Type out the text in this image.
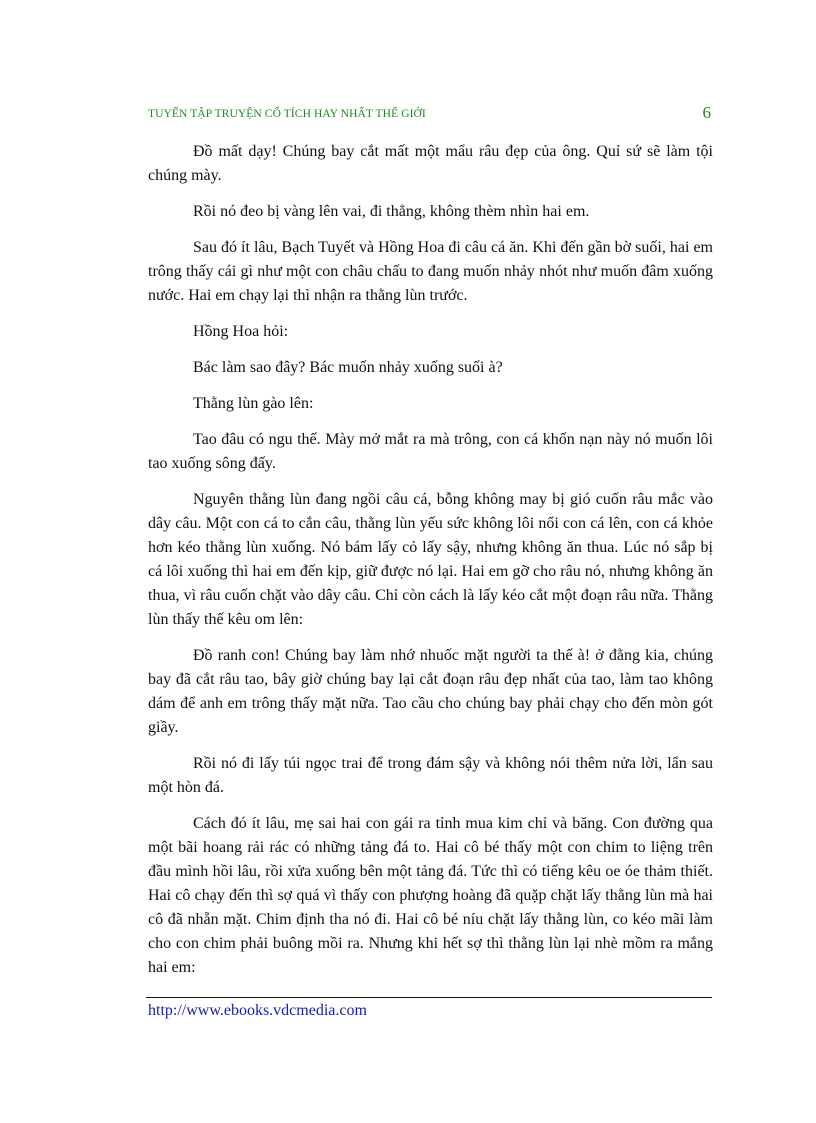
TUYỂN TẬP TRUYỆN CỔ TÍCH HAY NHẤT THẾ GIỚI	6

Đồ mất dạy! Chúng bay cắt mất một mẩu râu đẹp của ông. Quỉ sứ sẽ làm tội chúng mày.

Rồi nó đeo bị vàng lên vai, đi thẳng, không thèm nhìn hai em.

Sau đó ít lâu, Bạch Tuyết và Hồng Hoa đi câu cá ăn. Khi đến gần bờ suối, hai em trông thấy cái gì như một con châu chấu to đang muốn nhảy nhót như muốn đâm xuống nước. Hai em chạy lại thì nhận ra thằng lùn trước.

Hồng Hoa hỏi:

Bác làm sao đây? Bác muốn nhảy xuống suối à?

Thằng lùn gào lên:

Tao đâu có ngu thế. Mày mở mắt ra mà trông, con cá khốn nạn này nó muốn lôi tao xuống sông đấy.

Nguyên thằng lùn đang ngồi câu cá, bỗng không may bị gió cuốn râu mắc vào dây câu. Một con cá to cắn câu, thằng lùn yếu sức không lôi nổi con cá lên, con cá khỏe hơn kéo thằng lùn xuống. Nó bám lấy cỏ lấy sậy, nhưng không ăn thua. Lúc nó sắp bị cá lôi xuống thì hai em đến kịp, giữ được nó lại. Hai em gỡ cho râu nó, nhưng không ăn thua, vì râu cuốn chặt vào dây câu. Chỉ còn cách là lấy kéo cắt một đoạn râu nữa. Thằng lùn thấy thế kêu om lên:

Đồ ranh con! Chúng bay làm nhớ nhuốc mặt người ta thế à! ở đằng kia, chúng bay đã cắt râu tao, bây giờ chúng bay lại cắt đoạn râu đẹp nhất của tao, làm tao không dám để anh em trông thấy mặt nữa. Tao cầu cho chúng bay phải chạy cho đến mòn gót giầy.

Rồi nó đi lấy túi ngọc trai để trong đám sậy và không nói thêm nửa lời, lẩn sau một hòn đá.

Cách đó ít lâu, mẹ sai hai con gái ra tỉnh mua kim chỉ và băng. Con đường qua một bãi hoang rải rác có những tảng đá to. Hai cô bé thấy một con chim to liệng trên đầu mình hồi lâu, rồi xửa xuống bên một tảng đá. Tức thì có tiếng kêu oe óe thảm thiết. Hai cô chạy đến thì sợ quá vì thấy con phượng hoàng đã quặp chặt lấy thằng lùn mà hai cô đã nhẵn mặt. Chim định tha nó đi. Hai cô bé níu chặt lấy thằng lùn, co kéo mãi làm cho con chim phải buông mồi ra. Nhưng khi hết sợ thì thằng lùn lại nhè mồm ra mắng hai em:

http://www.ebooks.vdcmedia.com
